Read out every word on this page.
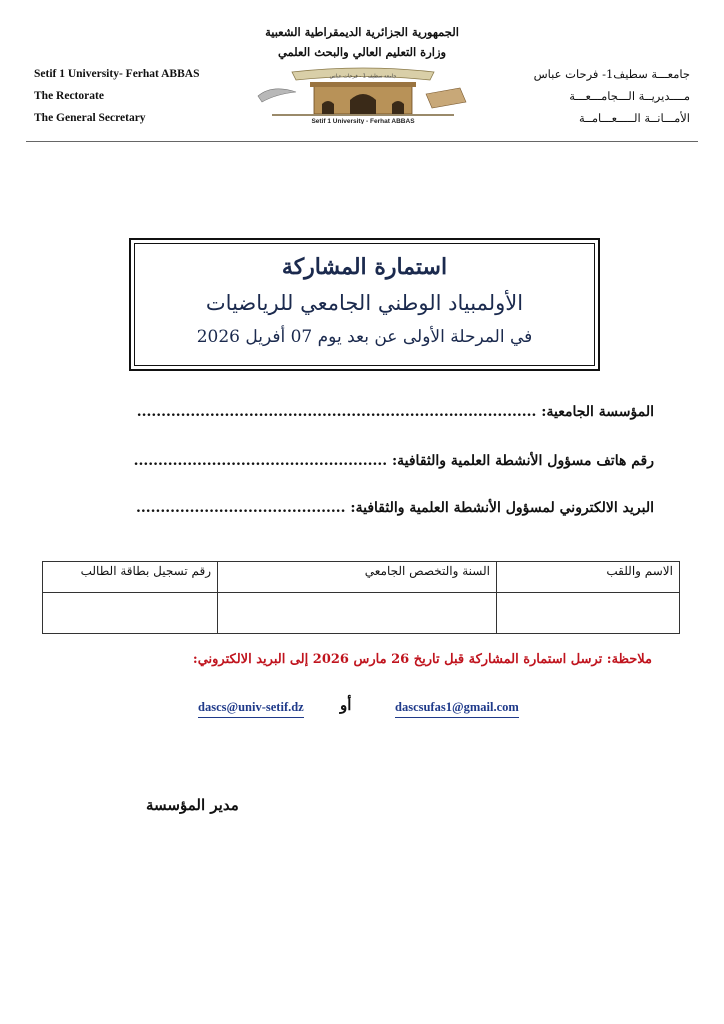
الجمهورية الجزائرية الديمقراطية الشعبية
وزارة التعليم العالي والبحث العلمي
Setif 1 University- Ferhat ABBAS
The Rectorate
The General Secretary
جامعـــة سطيف1- فرحات عباس
مــــديريــة الـــجامـــعـــة
الأمـــانــة الـــــعـــامــة
جامعة سطيف 1 - فرحات عباس
Setif 1 University - Ferhat ABBAS
استمارة المشاركة
الأولمبياد الوطني الجامعي للرياضيات
في المرحلة الأولى عن بعد يوم 07 أفريل 2026
المؤسسة الجامعية: ..................................................................................
رقم هاتف مسؤول الأنشطة العلمية والثقافية: ....................................................
البريد الالكتروني لمسؤول الأنشطة العلمية والثقافية: ...........................................
الاسم واللقب	السنة والتخصص الجامعي	رقم تسجيل بطاقة الطالب

ملاحظة: ترسل استمارة المشاركة قبل تاريخ 26 مارس 2026 إلى البريد الالكتروني:
dascsufas1@gmail.com
أو
dascs@univ-setif.dz
مدير المؤسسة
